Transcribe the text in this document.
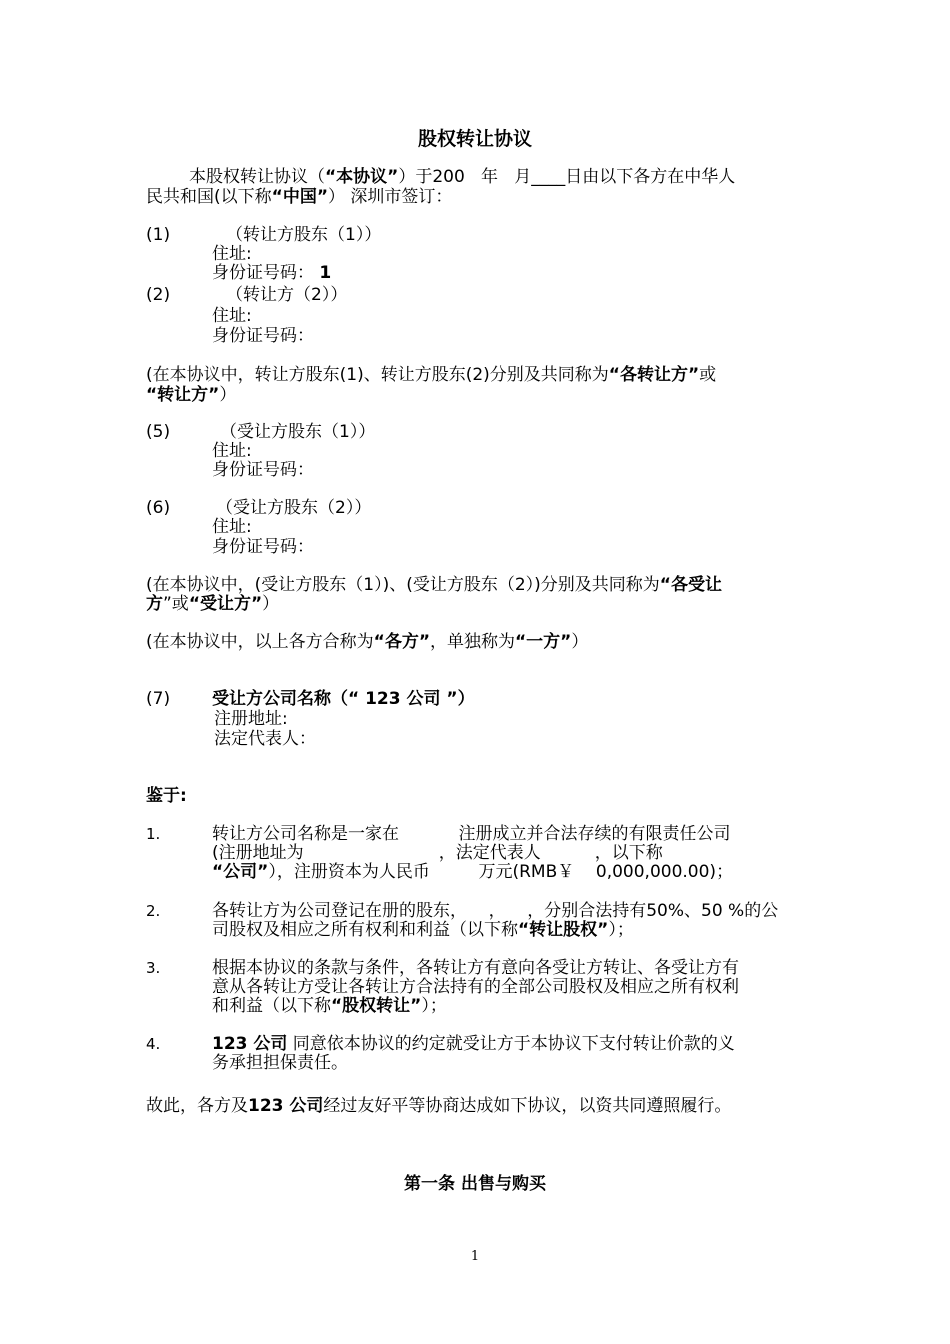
股权转让协议
本股权转让协议（“本协议”）于200   年   月____日由以下各方在中华人
民共和国(以下称“中国”） 深圳市签订：
(1)	（转让方股东（1））
住址:
身份证号码： 1
(2)	（转让方（2））
住址:
身份证号码：
(在本协议中，转让方股东(1)、转让方股东(2)分别及共同称为“各转让方”或
“转让方”）
(5)	（受让方股东（1））
住址:
身份证号码：
(6)	（受让方股东（2））
住址:
身份证号码：
(在本协议中，(受让方股东（1）)、(受让方股东（2）)分别及共同称为“各受让
方”或“受让方”）
(在本协议中，以上各方合称为“各方”，单独称为“一方”）
(7) 受让方公司名称（“ 123 公司 ”）
注册地址:
法定代表人：
鉴于:
1.	转让方公司名称是一家在           注册成立并合法存续的有限责任公司
(注册地址为                         ，法定代表人          ，以下称
“公司”），注册资本为人民币         万元(RMB￥    0,000,000.00)；
2.	各转让方为公司登记在册的股东，    ，    ，分别合法持有50%、50 %的公
司股权及相应之所有权利和利益（以下称“转让股权”）；
3.	根据本协议的条款与条件，各转让方有意向各受让方转让、各受让方有
意从各转让方受让各转让方合法持有的全部公司股权及相应之所有权利
和利益（以下称“股权转让”）；
4.	123 公司 同意依本协议的约定就受让方于本协议下支付转让价款的义
务承担担保责任。
故此，各方及123 公司经过友好平等协商达成如下协议，以资共同遵照履行。
第一条 出售与购买
1
